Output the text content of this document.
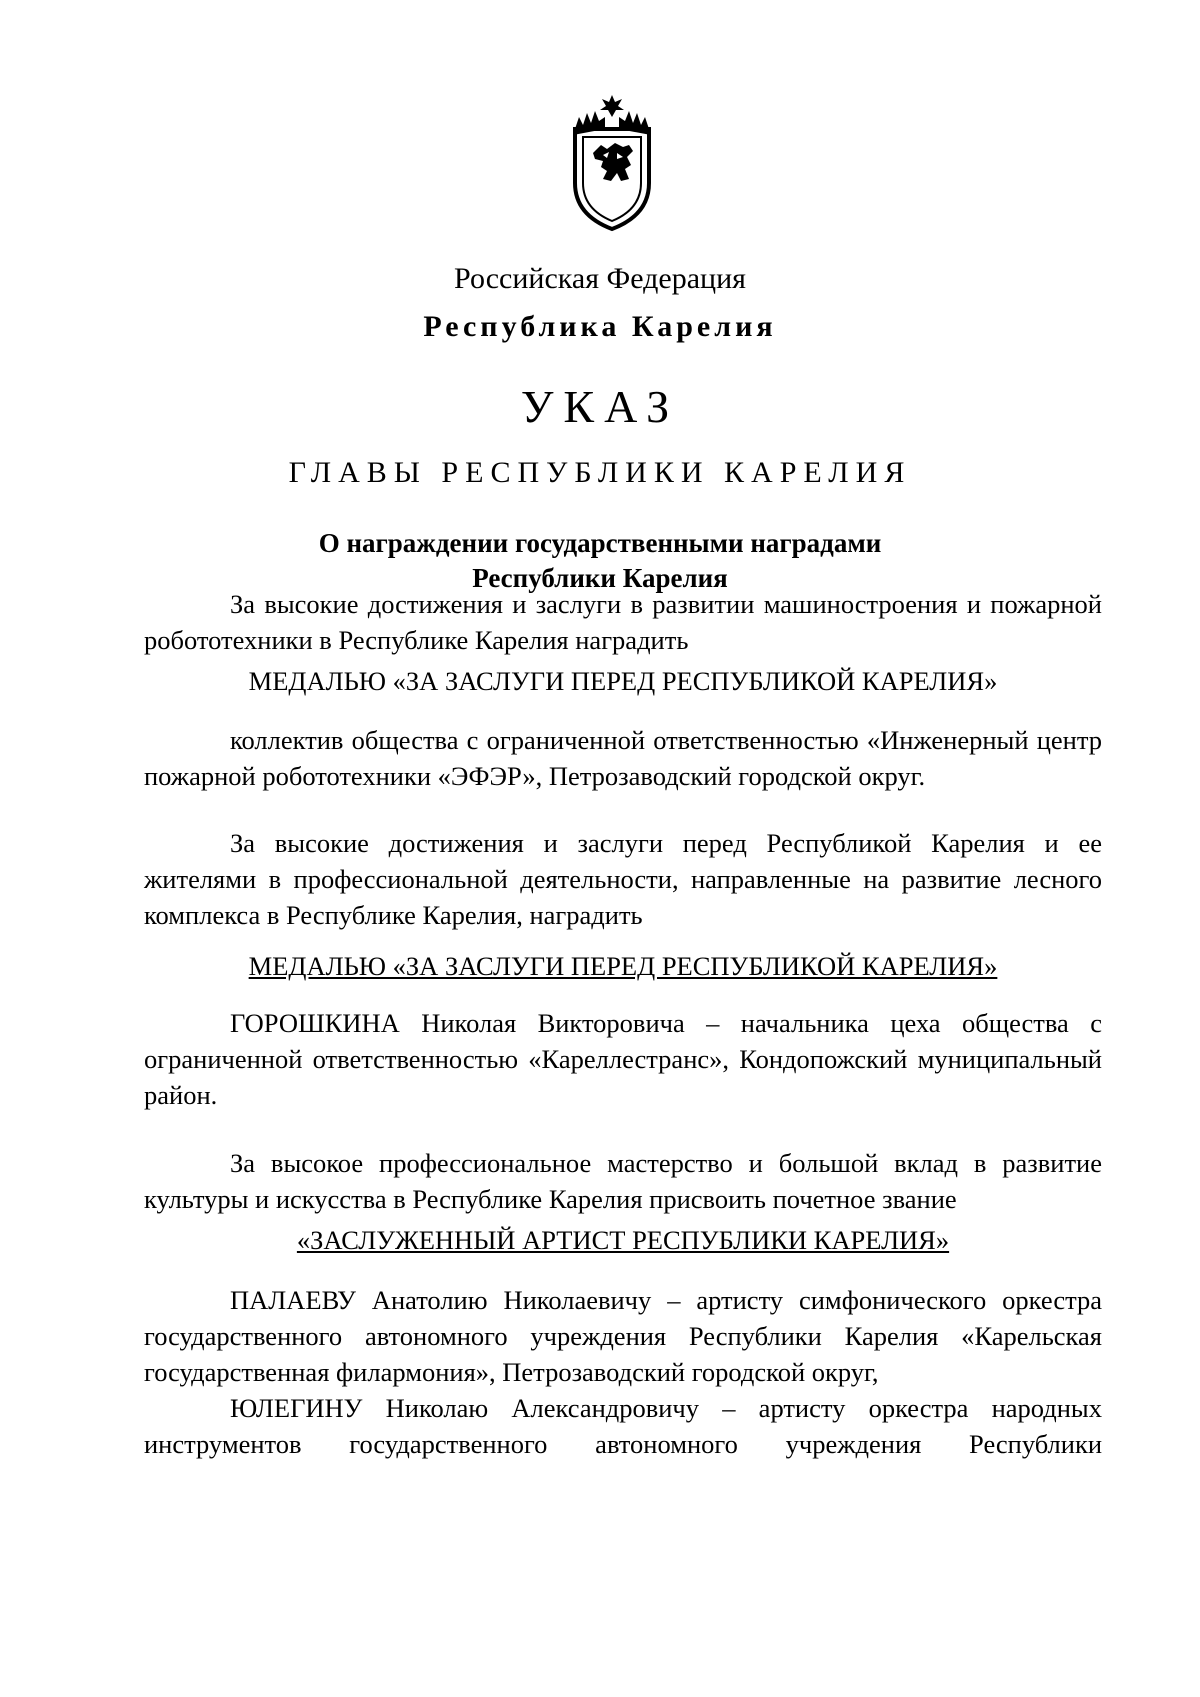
Российская Федерация
Республика Карелия
УКАЗ
ГЛАВЫ РЕСПУБЛИКИ КАРЕЛИЯ
О награждении государственными наградами
Республики Карелия

За высокие достижения и заслуги в развитии машиностроения и пожарной робототехники в Республике Карелия наградить

МЕДАЛЬЮ «ЗА ЗАСЛУГИ ПЕРЕД РЕСПУБЛИКОЙ КАРЕЛИЯ»

коллектив общества с ограниченной ответственностью «Инженерный центр пожарной робототехники «ЭФЭР», Петрозаводский городской округ.

За высокие достижения и заслуги перед Республикой Карелия и ее жителями в профессиональной деятельности, направленные на развитие лесного комплекса в Республике Карелия, наградить

МЕДАЛЬЮ «ЗА ЗАСЛУГИ ПЕРЕД РЕСПУБЛИКОЙ КАРЕЛИЯ»

ГОРОШКИНА Николая Викторовича – начальника цеха общества с ограниченной ответственностью «Кареллестранс», Кондопожский муниципальный район.

За высокое профессиональное мастерство и большой вклад в развитие культуры и искусства в Республике Карелия присвоить почетное звание

«ЗАСЛУЖЕННЫЙ АРТИСТ РЕСПУБЛИКИ КАРЕЛИЯ»

ПАЛАЕВУ Анатолию Николаевичу – артисту симфонического оркестра государственного автономного учреждения Республики Карелия «Карельская государственная филармония», Петрозаводский городской округ,

ЮЛЕГИНУ Николаю Александровичу – артисту оркестра народных инструментов государственного автономного учреждения Республики
